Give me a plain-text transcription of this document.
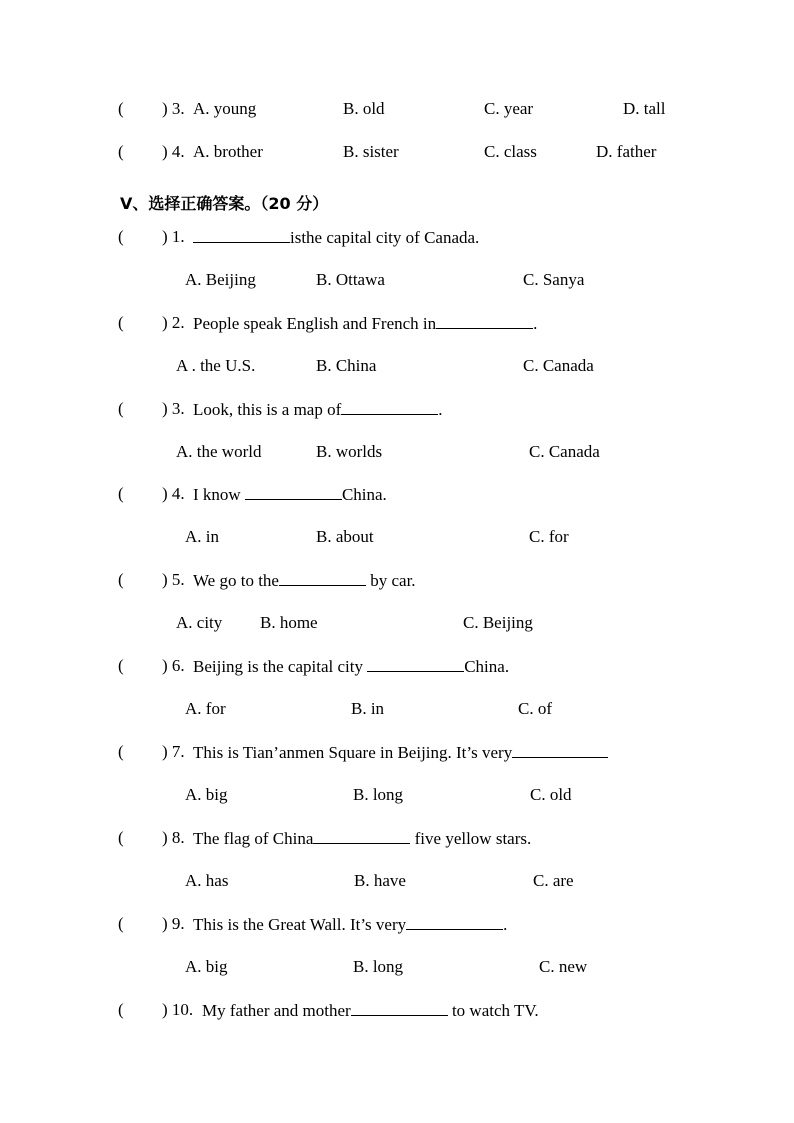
( ) 3. A. young	B. old	C. year	D. tall
( ) 4. A. brother	B. sister	C. class	D. father
Ⅴ、选择正确答案。（20 分）
( ) 1.	isthe capital city of Canada.
A. Beijing	B. Ottawa	C. Sanya
( ) 2. People speak English and French in	.
A . the U.S.	B. China	C. Canada
( ) 3. Look, this is a map of	.
A. the world	B. worlds	C. Canada
( ) 4. I know	China.
A. in	B. about	C. for
( ) 5. We go to the	by car.
A. city B. home	C. Beijing
( ) 6. Beijing is the capital city	China.
A. for	B. in	C. of
( ) 7. This is Tian’anmen Square in Beijing. It’s very
A. big	B. long	C. old
( ) 8. The flag of China	five yellow stars.
A. has	B. have	C. are
( ) 9. This is the Great Wall. It’s very	.
A. big	B. long	C. new
( ) 10. My father and mother	to watch TV.
